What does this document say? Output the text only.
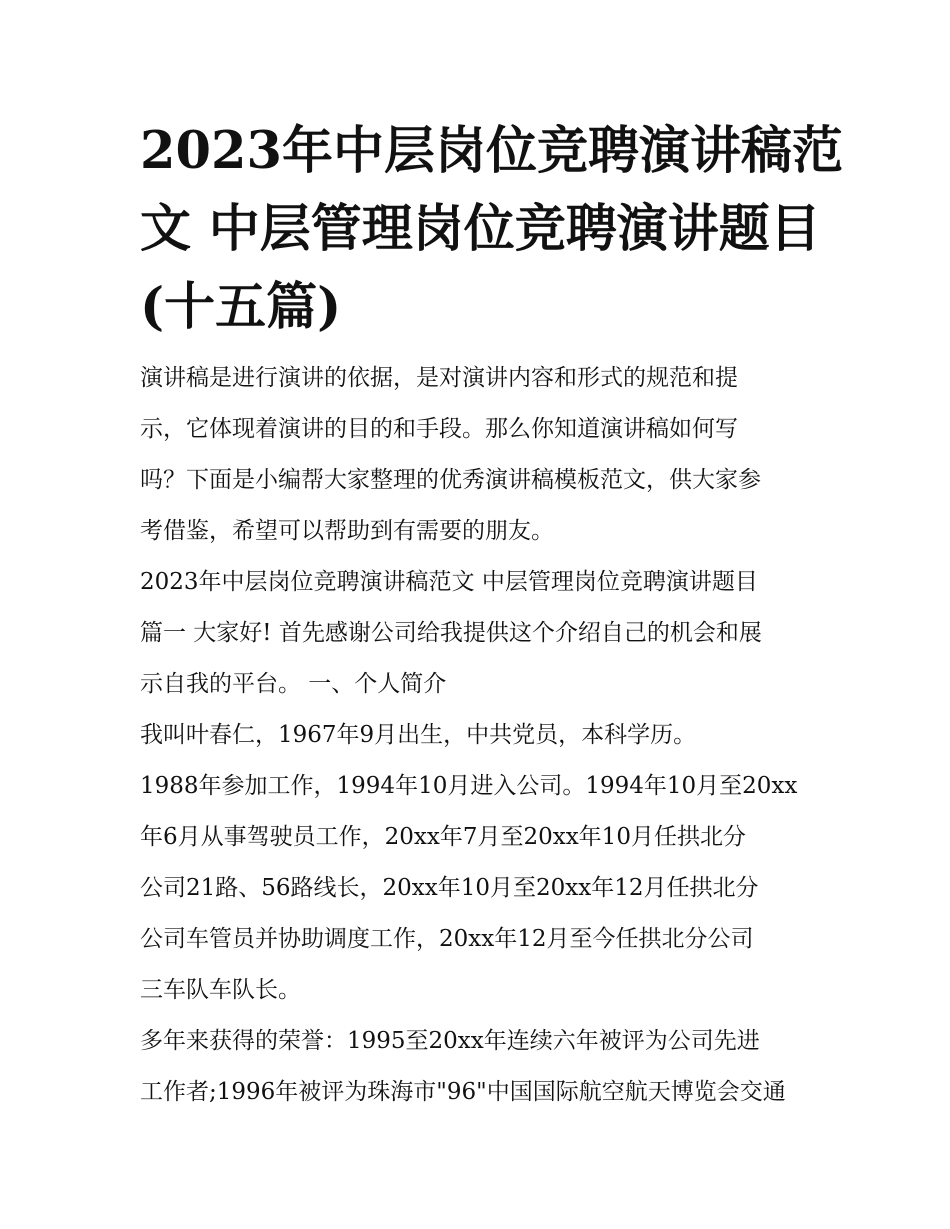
2023年中层岗位竞聘演讲稿范
文 中层管理岗位竞聘演讲题目
(十五篇)

演讲稿是进行演讲的依据，是对演讲内容和形式的规范和提
示，它体现着演讲的目的和手段。那么你知道演讲稿如何写
吗？下面是小编帮大家整理的优秀演讲稿模板范文，供大家参
考借鉴，希望可以帮助到有需要的朋友。

2023年中层岗位竞聘演讲稿范文 中层管理岗位竞聘演讲题目
篇一 大家好! 首先感谢公司给我提供这个介绍自己的机会和展
示自我的平台。 一、个人简介

我叫叶春仁，1967年9月出生，中共党员，本科学历。

1988年参加工作，1994年10月进入公司。1994年10月至20xx
年6月从事驾驶员工作，20xx年7月至20xx年10月任拱北分
公司21路、56路线长，20xx年10月至20xx年12月任拱北分
公司车管员并协助调度工作，20xx年12月至今任拱北分公司
三车队车队长。

多年来获得的荣誉：1995至20xx年连续六年被评为公司先进
工作者;1996年被评为珠海市"96"中国国际航空航天博览会交通
